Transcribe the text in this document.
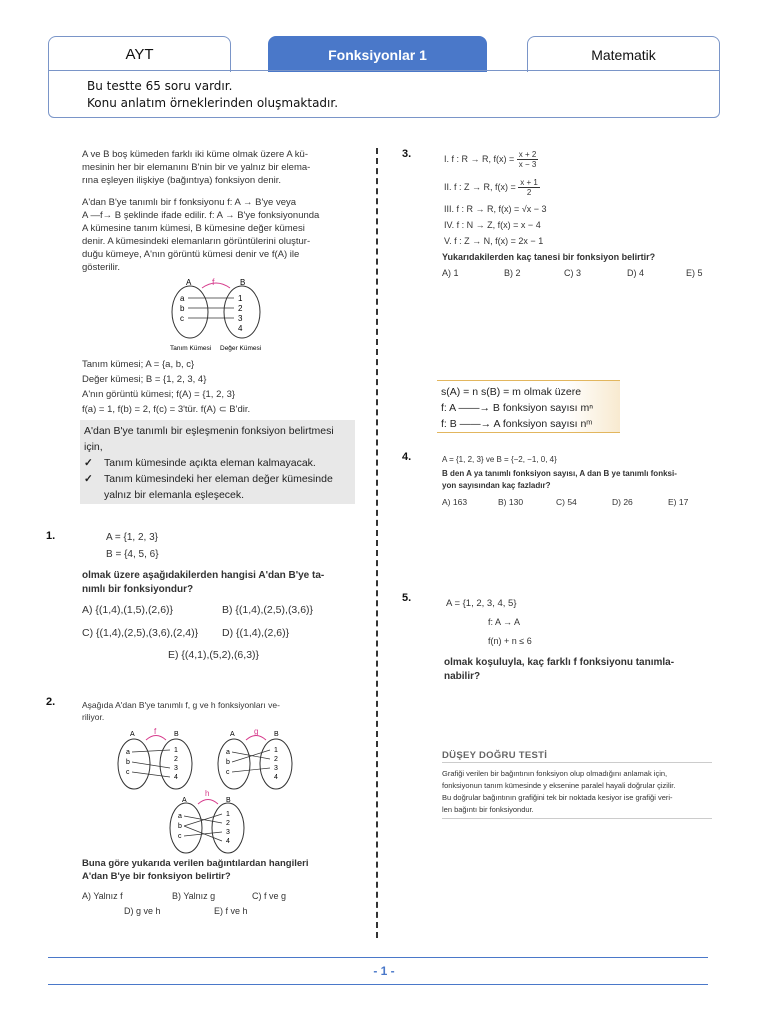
AYT	Fonksiyonlar 1	Matematik
Bu testte 65 soru vardır.
Konu anlatım örneklerinden oluşmaktadır.
A ve B boş kümeden farklı iki küme olmak üzere A kü-
mesinin her bir elemanını B'nin bir ve yalnız bir elema-
rına eşleyen ilişkiye (bağıntıya) fonksiyon denir.
A'dan B'ye tanımlı bir f fonksiyonu f: A → B'ye veya
A —f→ B şeklinde ifade edilir. f: A → B'ye fonksiyonunda
A kümesine tanım kümesi, B kümesine değer kümesi
denir. A kümesindeki elemanların görüntülerini oluştur-
duğu kümeye, A'nın görüntü kümesi denir ve f(A) ile
gösterilir.
A	B
f
a
b
c
1
2
3
4
Tanım Kümesi Değer Kümesi
Tanım kümesi; A = {a, b, c}
Değer kümesi; B = {1, 2, 3, 4}
A'nın görüntü kümesi; f(A) = {1, 2, 3}
f(a) = 1, f(b) = 2, f(c) = 3'tür. f(A) ⊂ B'dir.
A'dan B'ye tanımlı bir eşleşmenin fonksiyon belirtmesi
için,
✓ Tanım kümesinde açıkta eleman kalmayacak.
✓ Tanım kümesindeki her eleman değer kümesinde
yalnız bir elemanla eşleşecek.
1.	A = {1, 2, 3}
B = {4, 5, 6}
olmak üzere aşağıdakilerden hangisi A'dan B'ye ta-
nımlı bir fonksiyondur?
A) {(1,4),(1,5),(2,6)}	B) {(1,4),(2,5),(3,6)}
C) {(1,4),(2,5),(3,6),(2,4)} D) {(1,4),(2,6)}
E) {(4,1),(5,2),(6,3)}
2.	Aşağıda A'dan B'ye tanımlı f, g ve h fonksiyonları ve-
riliyor.
A	B
f
a
b
c
1
2
3
4
A	B
g
a
b
c
1
2
3
4
A	B
h
a
b
c
1
2
3
4
Buna göre yukarıda verilen bağıntılardan hangileri
A'dan B'ye bir fonksiyon belirtir?
A) Yalnız f	B) Yalnız g	C) f ve g
D) g ve h	E) f ve h
3.	I. f : R → R, $f(x) = \frac{x + 2}{x - 3}$
II. f : Z → R, $f(x) = \frac{x + 1}{2}$
III. f : R → R, f(x) = √x − 3
IV. f : N → Z, f(x) = x − 4
V. f : Z → N, f(x) = 2x − 1
Yukarıdakilerden kaç tanesi bir fonksiyon belirtir?
A) 1	B) 2	C) 3	D) 4	E) 5
s(A) = n s(B) = m olmak üzere
f: A ——→ B fonksiyon sayısı mⁿ
f: B ——→ A fonksiyon sayısı nᵐ
4.	A = {1, 2, 3} ve B = {−2, −1, 0, 4}
B den A ya tanımlı fonksiyon sayısı, A dan B ye tanımlı fonksi-
yon sayısından kaç fazladır?
A) 163	B) 130	C) 54	D) 26	E) 17
5.	A = {1, 2, 3, 4, 5}
f: A → A
f(n) + n ≤ 6
olmak koşuluyla, kaç farklı f fonksiyonu tanımla-
nabilir?
DÜŞEY DOĞRU TESTİ
Grafiği verilen bir bağıntının fonksiyon olup olmadığını anlamak için,
fonksiyonun tanım kümesinde y eksenine paralel hayali doğrular çizilir.
Bu doğrular bağıntının grafiğini tek bir noktada kesiyor ise grafiği veri-
len bağıntı bir fonksiyondur.
- 1 -
